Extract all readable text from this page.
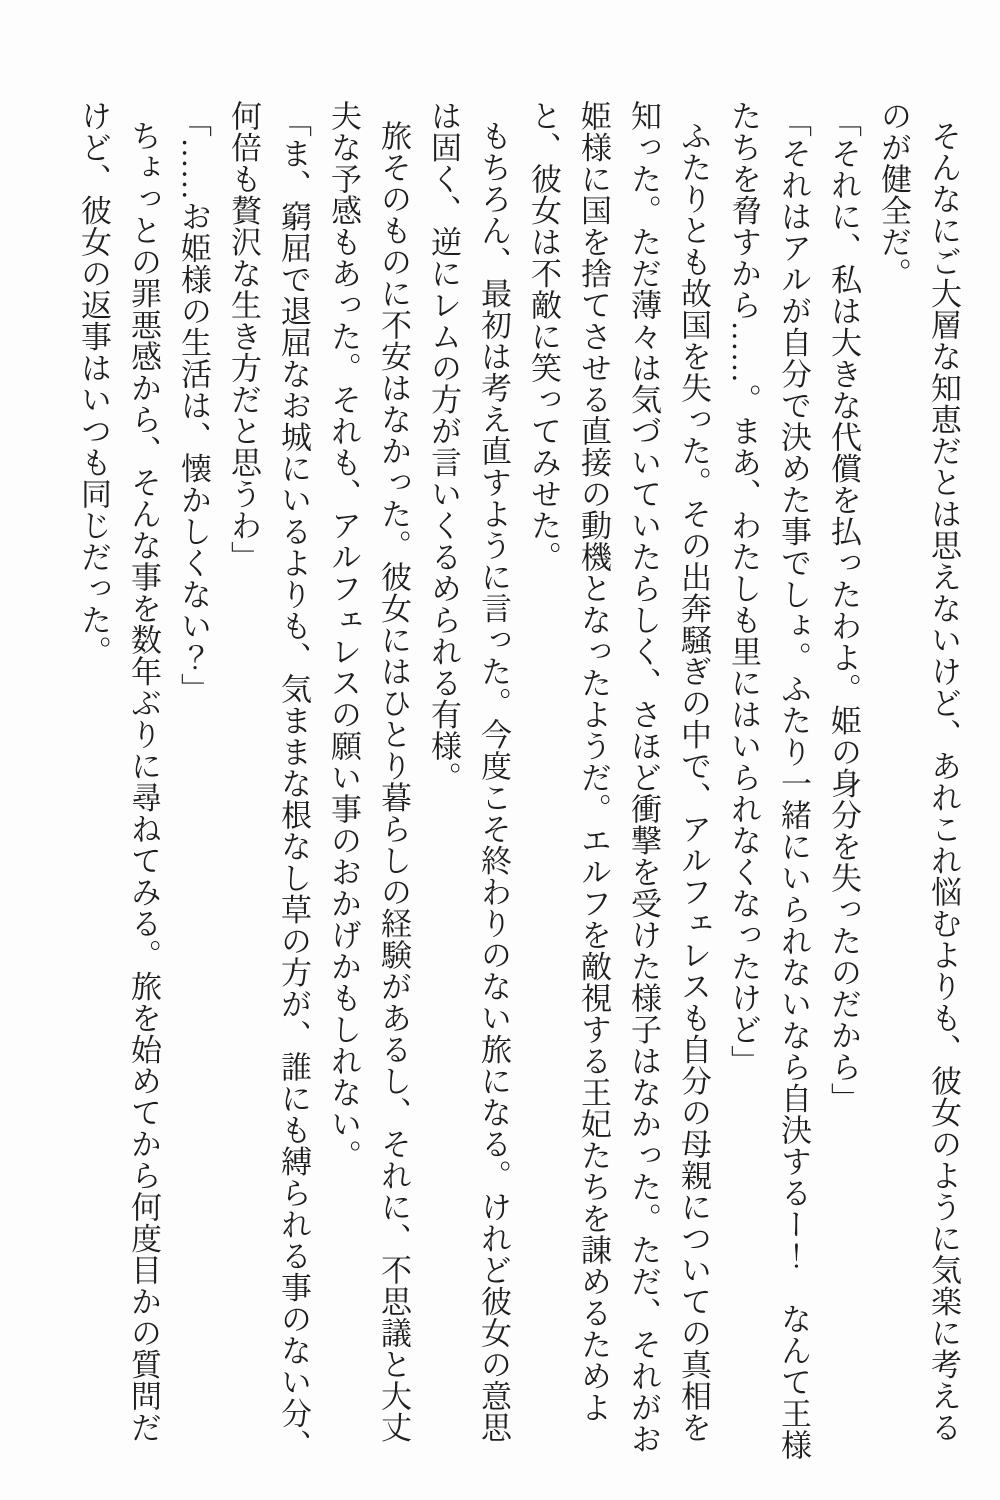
そんなにご大層な知恵だとは思えないけど、あれこれ悩むよりも、彼女のように気楽に考える

のが健全だ。

「それに、私は大きな代償を払ったわよ。姫の身分を失ったのだから」

「それはアルが自分で決めた事でしょ。ふたり一緒にいられないなら自決するー！　なんて王様

たちを脅すから……。まあ、わたしも里にはいられなくなったけど」

ふたりとも故国を失った。その出奔騒ぎの中で、アルフェレスも自分の母親についての真相を

知った。ただ薄々は気づいていたらしく、さほど衝撃を受けた様子はなかった。ただ、それがお

姫様に国を捨てさせる直接の動機となったようだ。エルフを敵視する王妃たちを諌めるためよ

と、彼女は不敵に笑ってみせた。

もちろん、最初は考え直すように言った。今度こそ終わりのない旅になる。けれど彼女の意思

は固く、逆にレムの方が言いくるめられる有様。

旅そのものに不安はなかった。彼女にはひとり暮らしの経験があるし、それに、不思議と大丈

夫な予感もあった。それも、アルフェレスの願い事のおかげかもしれない。

「ま、窮屈で退屈なお城にいるよりも、気ままな根なし草の方が、誰にも縛られる事のない分、

何倍も贅沢な生き方だと思うわ」

「……お姫様の生活は、懐かしくない？」

ちょっとの罪悪感から、そんな事を数年ぶりに尋ねてみる。旅を始めてから何度目かの質問だ

けど、彼女の返事はいつも同じだった。
